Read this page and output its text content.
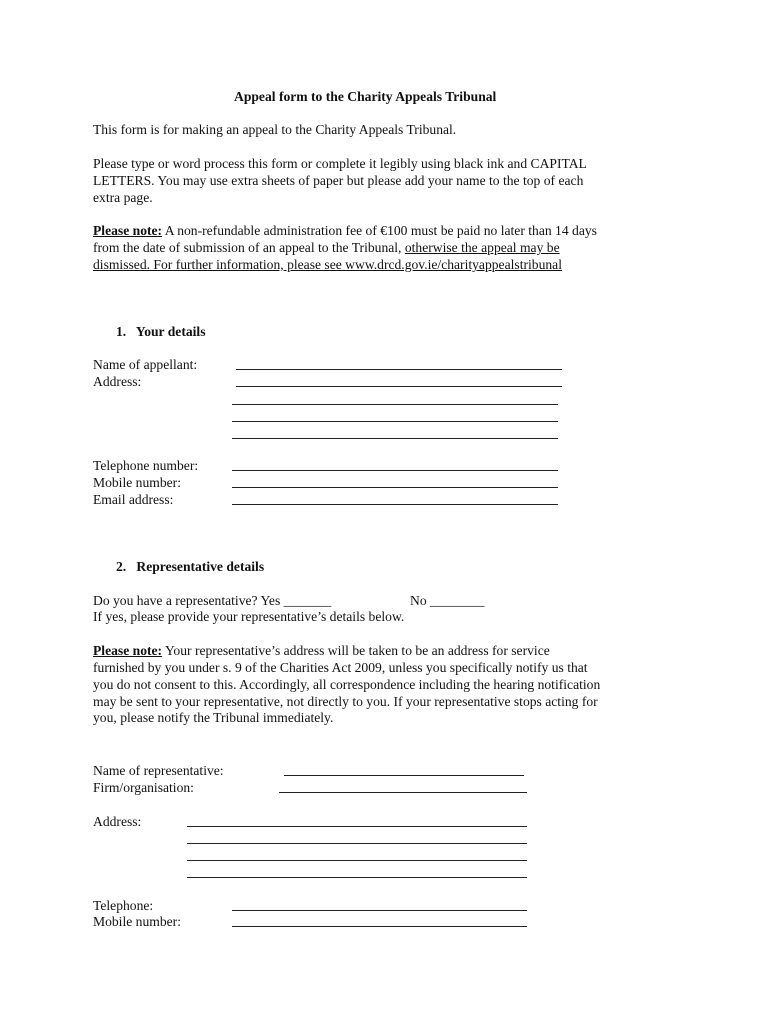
Appeal form to the Charity Appeals Tribunal

This form is for making an appeal to the Charity Appeals Tribunal.

Please type or word process this form or complete it legibly using black ink and CAPITAL

LETTERS. You may use extra sheets of paper but please add your name to the top of each

extra page.

Please note: A non-refundable administration fee of €100 must be paid no later than 14 days

from the date of submission of an appeal to the Tribunal, otherwise the appeal may be

dismissed. For further information, please see www.drcd.gov.ie/charityappealstribunal

1.   Your details

Name of appellant:

Address:

Telephone number:

Mobile number:

Email address:

2.   Representative details

Do you have a representative? Yes _______	No ________

If yes, please provide your representative’s details below.

Please note: Your representative’s address will be taken to be an address for service

furnished by you under s. 9 of the Charities Act 2009, unless you specifically notify us that

you do not consent to this. Accordingly, all correspondence including the hearing notification

may be sent to your representative, not directly to you. If your representative stops acting for

you, please notify the Tribunal immediately.

Name of representative:

Firm/organisation:

Address:

Telephone:

Mobile number:
